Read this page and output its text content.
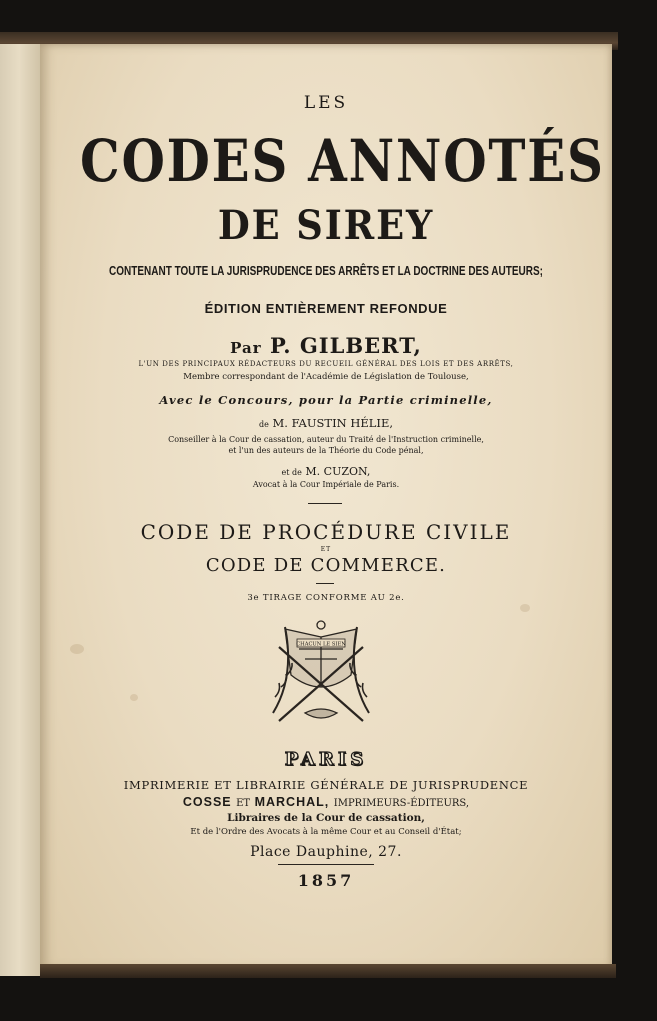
LES
CODES ANNOTÉS
DE SIREY
CONTENANT TOUTE LA JURISPRUDENCE DES ARRÊTS ET LA DOCTRINE DES AUTEURS;
ÉDITION ENTIÈREMENT REFONDUE
Par P. GILBERT,
L'UN DES PRINCIPAUX RÉDACTEURS DU RECUEIL GÉNÉRAL DES LOIS ET DES ARRÊTS,
Membre correspondant de l'Académie de Législation de Toulouse,
Avec le Concours, pour la Partie criminelle,
de M. FAUSTIN HÉLIE,
Conseiller à la Cour de cassation, auteur du Traité de l'Instruction criminelle,
et l'un des auteurs de la Théorie du Code pénal,
et de M. CUZON,
Avocat à la Cour Impériale de Paris.
CODE DE PROCÉDURE CIVILE
ET
CODE DE COMMERCE.
3e TIRAGE CONFORME AU 2e.
CHACUN LE SIEN
PARIS
IMPRIMERIE ET LIBRAIRIE GÉNÉRALE DE JURISPRUDENCE
COSSE ET MARCHAL, IMPRIMEURS-ÉDITEURS,
Libraires de la Cour de cassation,
Et de l'Ordre des Avocats à la même Cour et au Conseil d'État;
Place Dauphine, 27.
1857
